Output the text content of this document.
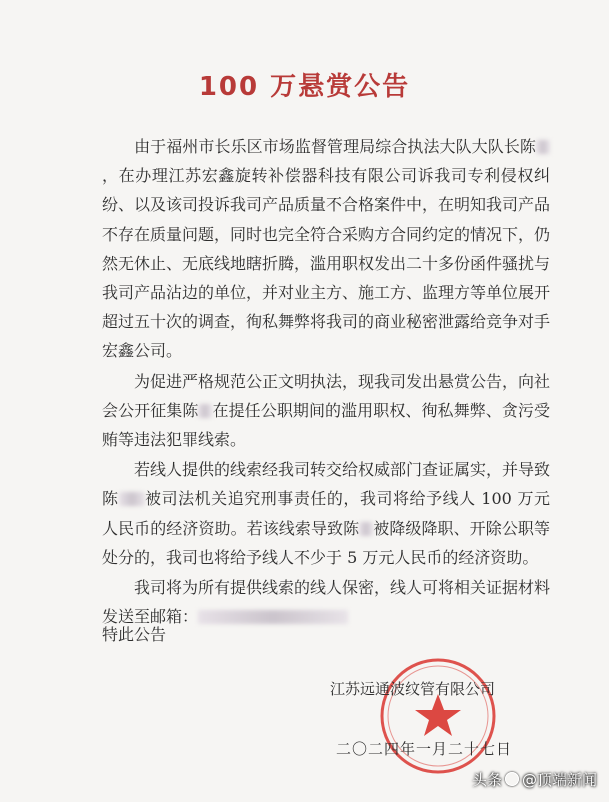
100 万悬赏公告

由于福州市长乐区市场监督管理局综合执法大队大队长陈，在办理江苏宏鑫旋转补偿器科技有限公司诉我司专利侵权纠纷、以及该司投诉我司产品质量不合格案件中，在明知我司产品不存在质量问题，同时也完全符合采购方合同约定的情况下，仍然无休止、无底线地瞎折腾，滥用职权发出二十多份函件骚扰与我司产品沾边的单位，并对业主方、施工方、监理方等单位展开超过五十次的调查，徇私舞弊将我司的商业秘密泄露给竞争对手宏鑫公司。

为促进严格规范公正文明执法，现我司发出悬赏公告，向社会公开征集陈 在提任公职期间的滥用职权、徇私舞弊、贪污受贿等违法犯罪线索。

若线人提供的线索经我司转交给权威部门查证属实，并导致陈 被司法机关追究刑事责任的，我司将给予线人 100 万元人民币的经济资助。若该线索导致陈 被降级降职、开除公职等处分的，我司也将给予线人不少于 5 万元人民币的经济资助。

我司将为所有提供线索的线人保密，线人可将相关证据材料发送至邮箱：

特此公告
江苏远通波纹管有限公司
二〇二四年一月二十七日
头条 @顶端新闻
